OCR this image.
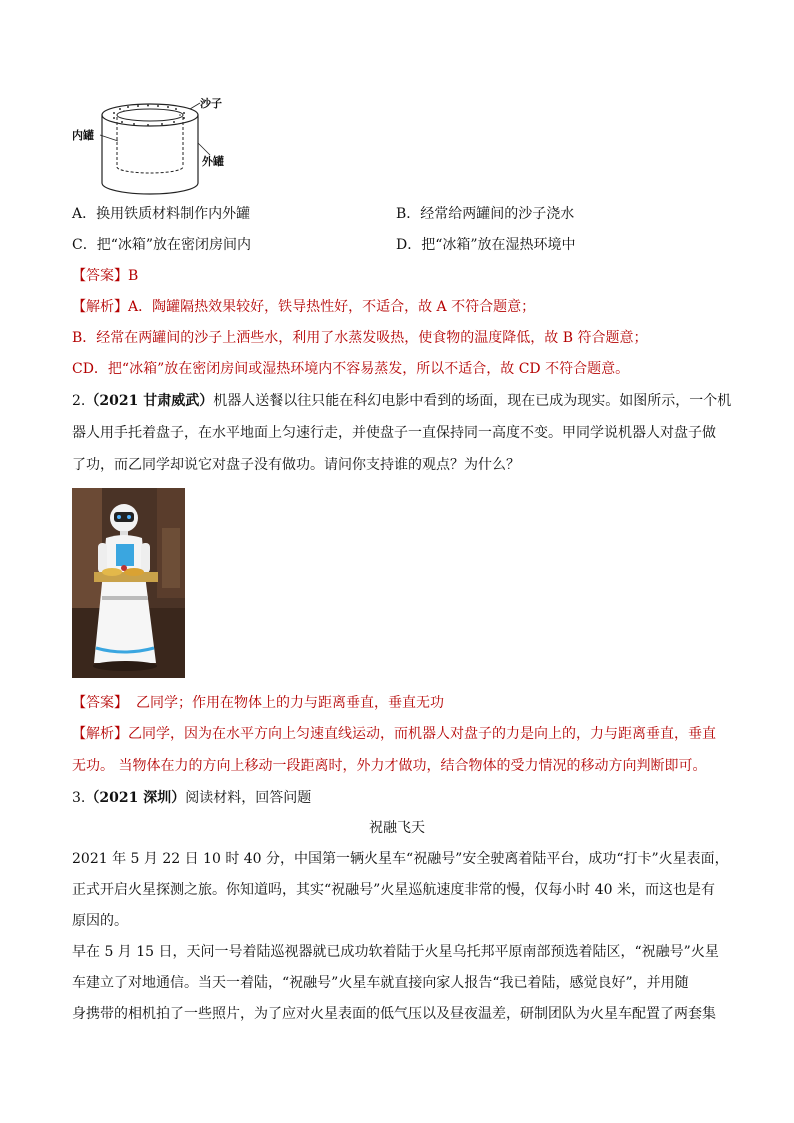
沙子
内罐
外罐
A．换用铁质材料制作内外罐	B．经常给两罐间的沙子浇水
C．把“冰箱”放在密闭房间内	D．把“冰箱”放在湿热环境中
【答案】B
【解析】A．陶罐隔热效果较好，铁导热性好，不适合，故 A 不符合题意；
B．经常在两罐间的沙子上洒些水，利用了水蒸发吸热，使食物的温度降低，故 B 符合题意；
CD．把“冰箱”放在密闭房间或湿热环境内不容易蒸发，所以不适合，故 CD 不符合题意。
2.（2021 甘肃威武）机器人送餐以往只能在科幻电影中看到的场面，现在已成为现实。如图所示，一个机
器人用手托着盘子，在水平地面上匀速行走，并使盘子一直保持同一高度不变。甲同学说机器人对盘子做
了功，而乙同学却说它对盘子没有做功。请问你支持谁的观点？为什么？
【答案】 乙同学；作用在物体上的力与距离垂直，垂直无功
【解析】乙同学，因为在水平方向上匀速直线运动，而机器人对盘子的力是向上的，力与距离垂直，垂直
无功。 当物体在力的方向上移动一段距离时，外力才做功，结合物体的受力情况的移动方向判断即可。
3.（2021 深圳）阅读材料，回答问题
祝融飞天
2021 年 5 月 22 日 10 时 40 分，中国第一辆火星车“祝融号”安全驶离着陆平台，成功“打卡”火星表面，
正式开启火星探测之旅。你知道吗，其实“祝融号”火星巡航速度非常的慢，仅每小时 40 米，而这也是有
原因的。
早在 5 月 15 日，天问一号着陆巡视器就已成功软着陆于火星乌托邦平原南部预选着陆区，“祝融号”火星
车建立了对地通信。当天一着陆，“祝融号”火星车就直接向家人报告“我已着陆，感觉良好”，并用随
身携带的相机拍了一些照片，为了应对火星表面的低气压以及昼夜温差，研制团队为火星车配置了两套集
